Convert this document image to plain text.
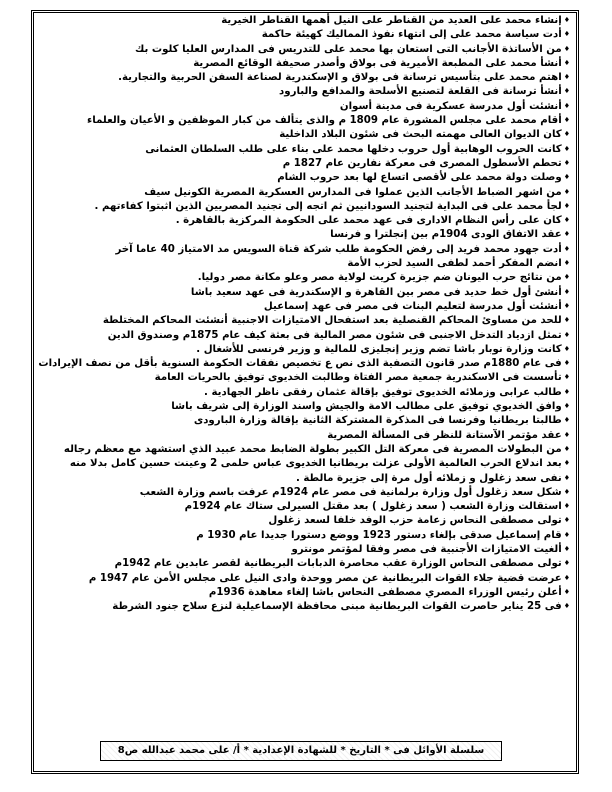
♦إنشاء محمد على العديد من القناطر على النيل أهمها القناطر الخيرية
♦أدت سياسة محمد على إلى انتهاء نفوذ المماليك كهيئة حاكمة
♦من الأساتذة الأجانب التى استعان بها محمد على للتدريس فى المدارس العليا كلوت بك
♦أنشأ محمد على المطبعة الأميرية فى بولاق وأصدر صحيفة الوقائع المصرية
♦اهتم محمد على بتأسيس ترسانة فى بولاق و الإسكندرية لصناعة السفن الحربية والتجارية.
♦أنشأ ترسانة فى القلعة لتصنيع الأسلحة والمدافع والبارود
♦أنشئت أول مدرسة عسكرية فى مدينة أسوان
♦أقام محمد على مجلس المشورة عام 1809 م والذى يتألف من كبار الموظفين و الأعيان والعلماء
♦كان الديوان العالى مهمته البحث فى شئون البلاد الداخلية
♦كانت الحروب الوهابية أول حروب دخلها محمد على بناء على طلب السلطان العثمانى
♦تحطم الأسطول المصرى فى معركة نفارين عام 1827 م
♦وصلت دولة محمد على لأقصى اتساع لها بعد حروب الشام
♦من اشهر الضباط الأجانب الذين عملوا فى المدارس العسكرية المصرية الكونيل سيف
♦لجأ محمد على فى البداية لتجنيد السودانيين ثم اتجه إلى تجنيد المصريين الذين اثبتوا كفاءتهم .
♦كان على رأس النظام الادارى فى عهد محمد على الحكومة المركزية بالقاهرة .
♦عقد الاتفاق الودى 1904م بين إنجلترا و فرنسا
♦أدت جهود محمد فريد إلى رفض الحكومة طلب شركة قناة السويس مد الامتياز 40 عاما آخر
♦انضم المفكر أحمد لطفى السيد لحزب الأمة
♦من نتائج حرب اليونان ضم جزيرة كريت لولاية مصر وعلو مكانة مصر دوليا.
♦أنشئ أول خط حديد فى مصر بين القاهرة و الإسكندرية فى عهد سعيد باشا
♦أنشئت أول مدرسة لتعليم البنات فى مصر فى عهد إسماعيل
♦للحد من مساوئ المحاكم القنصلية بعد استفحال الامتيازات الاجنبية أنشئت المحاكم المختلطة
♦تمثل ازدياد التدخل الاجنبى فى شئون مصر المالية فى بعثة كيف عام 1875م وصندوق الدين
♦كانت وزارة نوبار باشا تضم وزير إنجليزى للمالية و وزير فرنسى للأشغال .
♦فى عام 1880م صدر قانون التصفية الذى نص ع تخصيص نفقات الحكومة السنوية بأقل من نصف الإيرادات
♦تأسست فى الاسكندرية جمعية مصر الفتاة وطالبت الخديوى توفيق بالحريات العامة
♦طالب عرابى وزملائه الخديوى توفيق بإقالة عثمان رفقى ناظر الجهادية .
♦وافق الخديوي توفيق على مطالب الامة والجيش واسند الوزارة إلى شريف باشا
♦طالبتا بريطانيا وفرنسا فى المذكرة المشتركة الثانية بإقالة وزارة البارودى
♦عقد مؤتمر الآستانة للنظر فى المسألة المصرية
♦من البطولات المصرية فى معركة التل الكبير بطولة الضابط محمد عبيد الذي استشهد مع معظم رجاله
♦بعد اندلاع الحرب العالمية الأولى عزلت بريطانيا الخديوى عباس حلمى 2 وعينت حسين كامل بدلا منه
♦نفى سعد زغلول و زملائه أول مرة إلى جزيرة مالطة .
♦شكل سعد زغلول أول وزارة برلمانية فى مصر عام 1924م عرفت باسم وزارة الشعب
♦استقالت وزارة الشعب ( سعد زغلول ) بعد مقتل السيرلى ستاك عام 1924م
♦تولى مصطفى النحاس زعامة حزب الوفد خلفا لسعد زغلول
♦قام إسماعيل صدقى بإلغاء دستور 1923 ووضع دستورا جديدا عام 1930 م
♦ألغيت الامتيازات الأجنبية فى مصر وفقا لمؤتمر مونترو
♦تولى مصطفى النحاس الوزارة عقب محاصرة الدبابات البريطانية لقصر عابدين عام 1942م
♦عرضت قضية جلاء القوات البريطانية عن مصر ووحدة وادى النيل على مجلس الأمن عام 1947 م
♦أعلن رئيس الوزراء المصري مصطفى النحاس باشا إلغاء معاهدة 1936م
♦فى 25 يناير حاصرت القوات البريطانية مبنى محافظة الإسماعيلية لنزع سلاح جنود الشرطة
سلسلة الأوائل فى * التاريخ * للشهادة الإعدادية * أ/ على محمد عبدالله ص8
